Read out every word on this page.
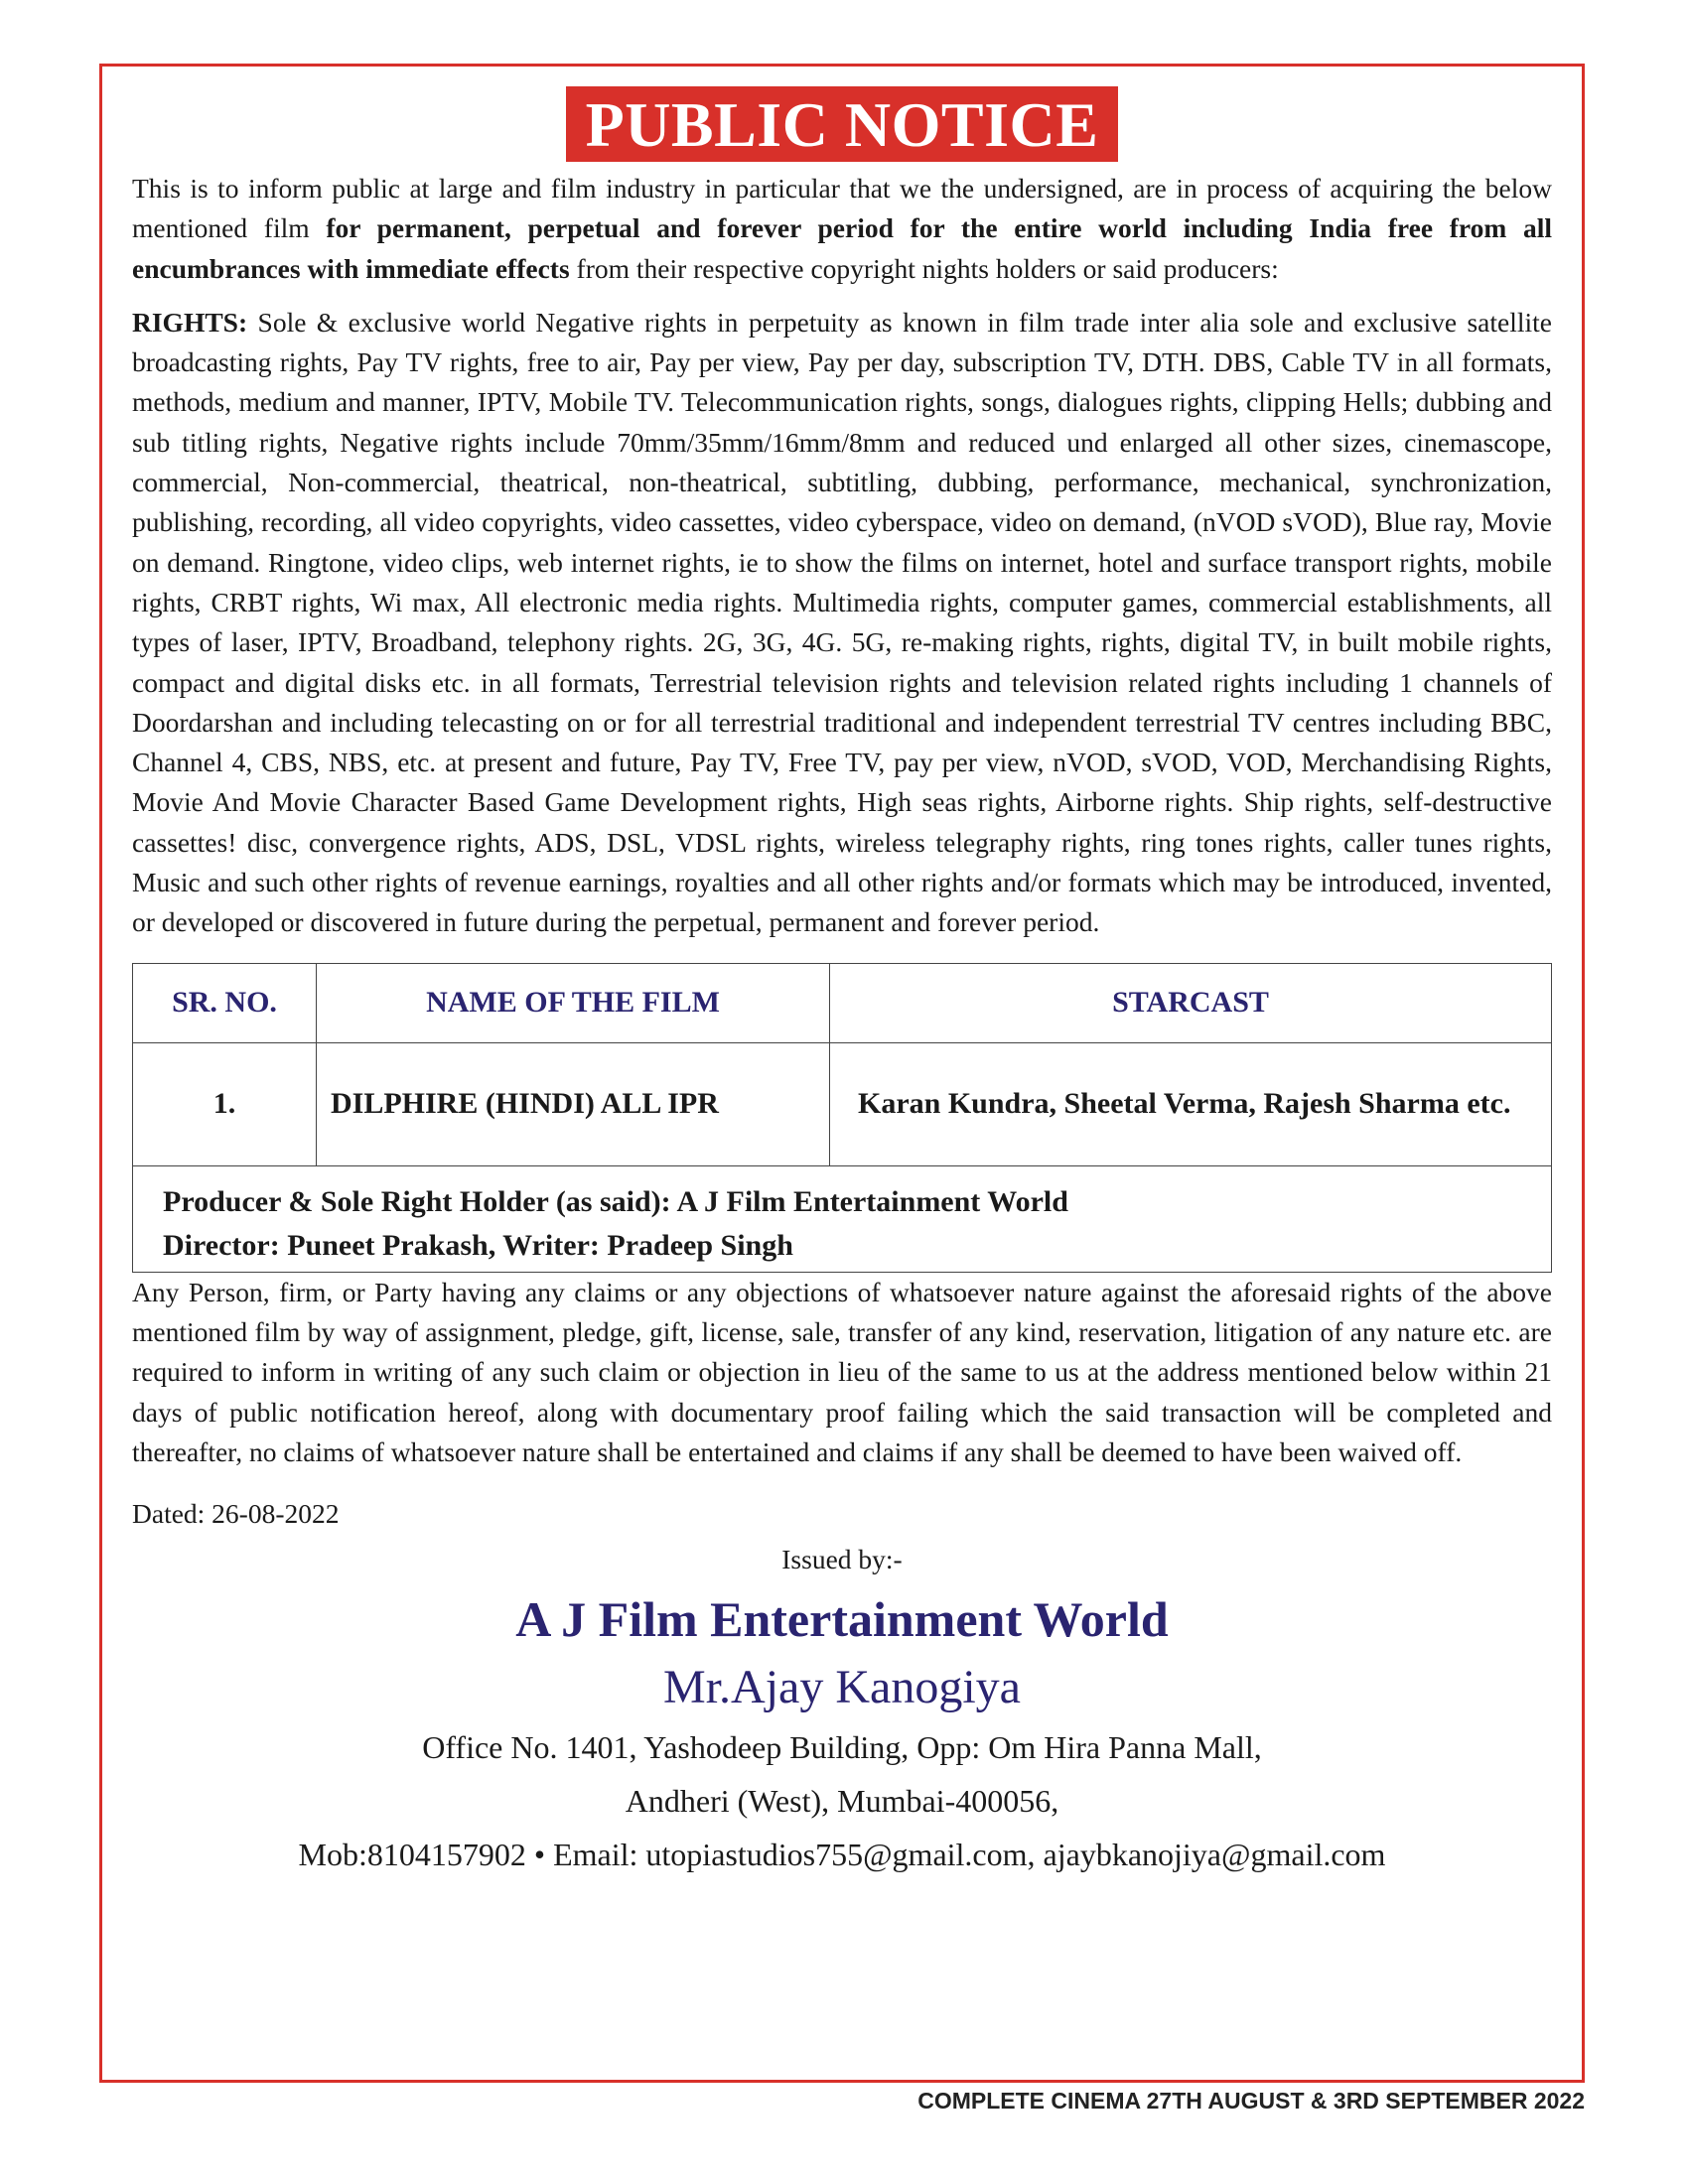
PUBLIC NOTICE

This is to inform public at large and film industry in particular that we the undersigned, are in process of acquiring the below mentioned film for permanent, perpetual and forever period for the entire world including India free from all encumbrances with immediate effects from their respective copyright nights holders or said producers:

RIGHTS: Sole & exclusive world Negative rights in perpetuity as known in film trade inter alia sole and exclusive satellite broadcasting rights, Pay TV rights, free to air, Pay per view, Pay per day, subscription TV, DTH. DBS, Cable TV in all formats, methods, medium and manner, IPTV, Mobile TV. Telecommunication rights, songs, dialogues rights, clipping Hells; dubbing and sub titling rights, Negative rights include 70mm/35mm/16mm/8mm and reduced und enlarged all other sizes, cinemascope, commercial, Non-commercial, theatrical, non-theatrical, subtitling, dubbing, performance, mechanical, synchronization, publishing, recording, all video copyrights, video cassettes, video cyberspace, video on demand, (nVOD sVOD), Blue ray, Movie on demand. Ringtone, video clips, web internet rights, ie to show the films on internet, hotel and surface transport rights, mobile rights, CRBT rights, Wi max, All electronic media rights. Multimedia rights, computer games, commercial establishments, all types of laser, IPTV, Broadband, telephony rights. 2G, 3G, 4G. 5G, re-making rights, rights, digital TV, in built mobile rights, compact and digital disks etc. in all formats, Terrestrial television rights and television related rights including 1 channels of Doordarshan and including telecasting on or for all terrestrial traditional and independent terrestrial TV centres including BBC, Channel 4, CBS, NBS, etc. at present and future, Pay TV, Free TV, pay per view, nVOD, sVOD, VOD, Merchandising Rights, Movie And Movie Character Based Game Development rights, High seas rights, Airborne rights. Ship rights, self-destructive cassettes! disc, convergence rights, ADS, DSL, VDSL rights, wireless telegraphy rights, ring tones rights, caller tunes rights, Music and such other rights of revenue earnings, royalties and all other rights and/or formats which may be introduced, invented, or developed or discovered in future during the perpetual, permanent and forever period.

SR. NO.	NAME OF THE FILM	STARCAST
1.	DILPHIRE (HINDI) ALL IPR	Karan Kundra, Sheetal Verma, Rajesh Sharma etc.

Producer & Sole Right Holder (as said): A J Film Entertainment World
Director: Puneet Prakash, Writer: Pradeep Singh		

Any Person, firm, or Party having any claims or any objections of whatsoever nature against the aforesaid rights of the above mentioned film by way of assignment, pledge, gift, license, sale, transfer of any kind, reservation, litigation of any nature etc. are required to inform in writing of any such claim or objection in lieu of the same to us at the address mentioned below within 21 days of public notification hereof, along with documentary proof failing which the said transaction will be completed and thereafter, no claims of whatsoever nature shall be entertained and claims if any shall be deemed to have been waived off.

Dated: 26-08-2022
Issued by:-
A J Film Entertainment World
Mr.Ajay Kanogiya
Office No. 1401, Yashodeep Building, Opp: Om Hira Panna Mall,
Andheri (West), Mumbai-400056,
Mob:8104157902 • Email: utopiastudios755@gmail.com, ajaybkanojiya@gmail.com
COMPLETE CINEMA 27TH AUGUST & 3RD SEPTEMBER 2022
